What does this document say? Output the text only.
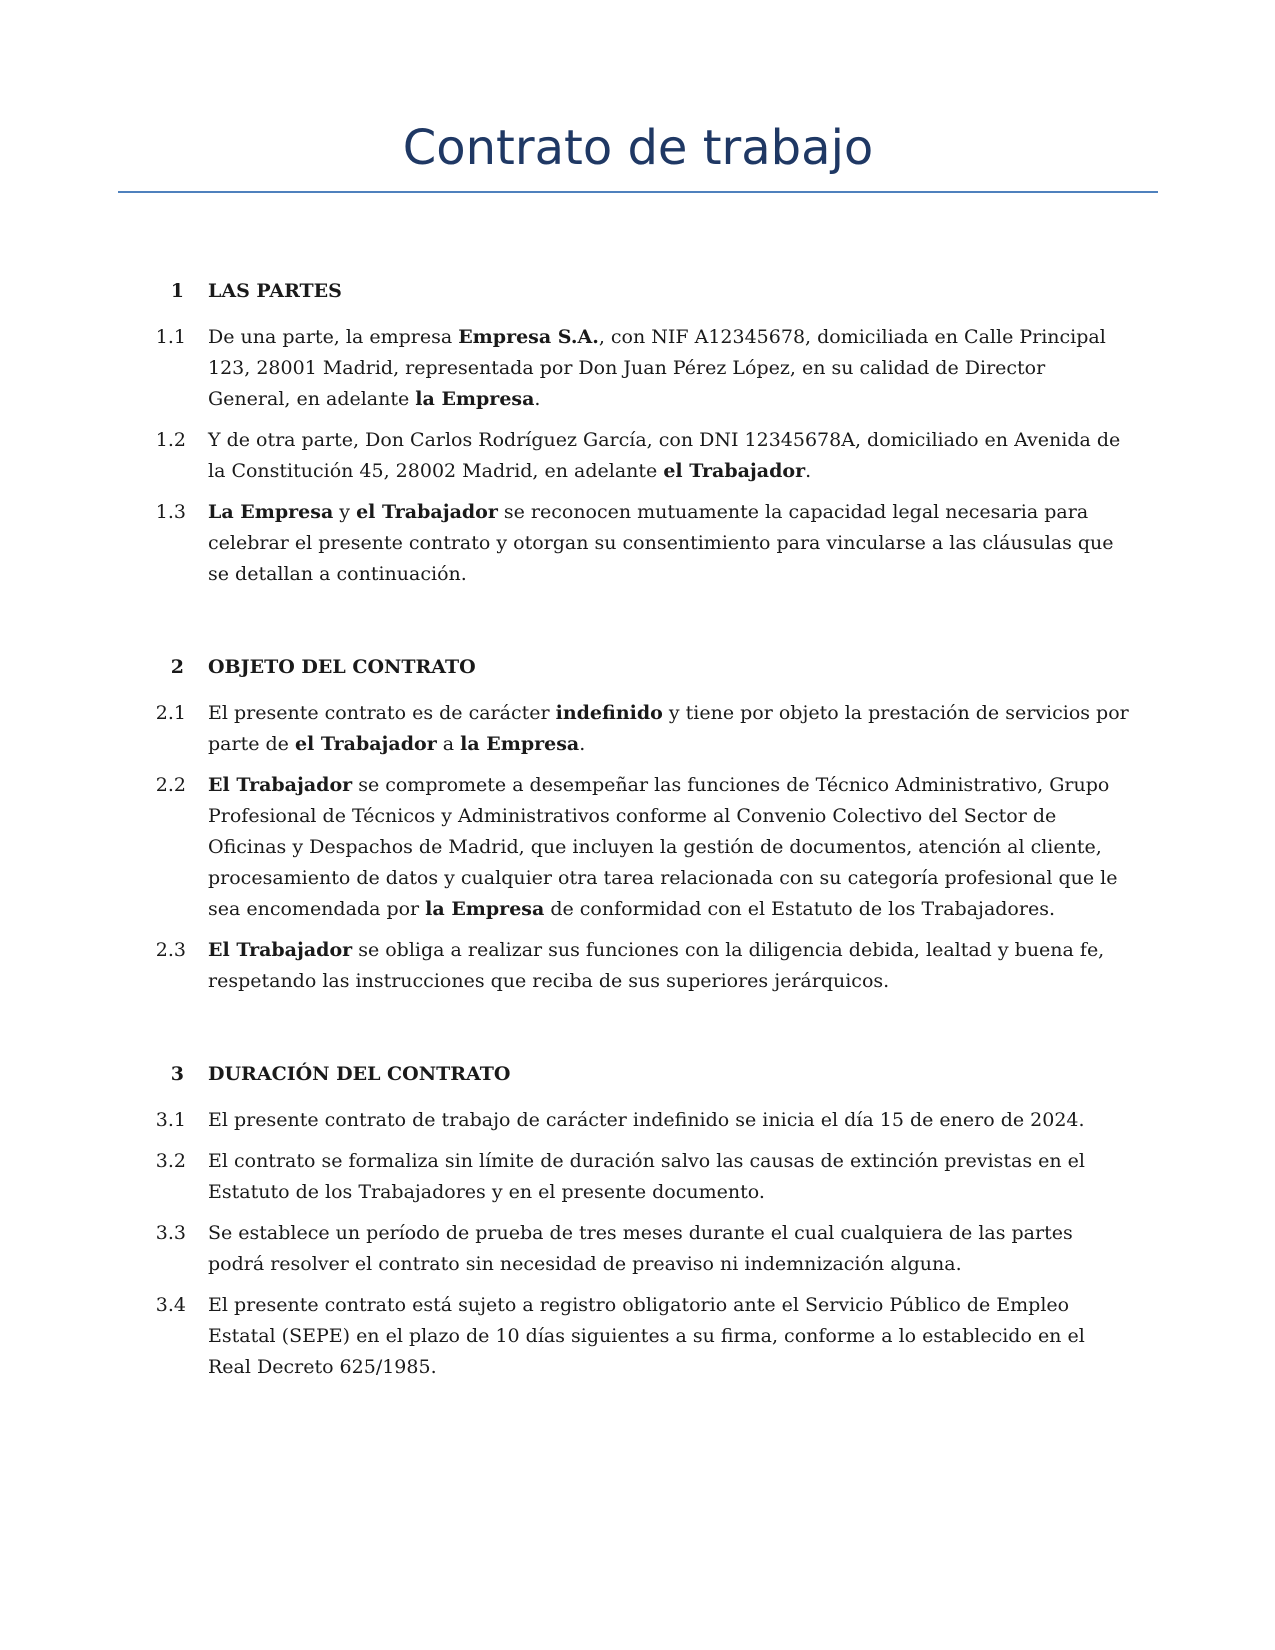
Contrato de trabajo
1 LAS PARTES
1.1 De una parte, la empresa Empresa S.A., con NIF A12345678, domiciliada en Calle Principal 123, 28001 Madrid, representada por Don Juan Pérez López, en su calidad de Director General, en adelante la Empresa.
1.2 Y de otra parte, Don Carlos Rodríguez García, con DNI 12345678A, domiciliado en Avenida de la Constitución 45, 28002 Madrid, en adelante el Trabajador.
1.3 La Empresa y el Trabajador se reconocen mutuamente la capacidad legal necesaria para celebrar el presente contrato y otorgan su consentimiento para vincularse a las cláusulas que se detallan a continuación.
2 OBJETO DEL CONTRATO
2.1 El presente contrato es de carácter indefinido y tiene por objeto la prestación de servicios por parte de el Trabajador a la Empresa.
2.2 El Trabajador se compromete a desempeñar las funciones de Técnico Administrativo, Grupo Profesional de Técnicos y Administrativos conforme al Convenio Colectivo del Sector de Oficinas y Despachos de Madrid, que incluyen la gestión de documentos, atención al cliente, procesamiento de datos y cualquier otra tarea relacionada con su categoría profesional que le sea encomendada por la Empresa de conformidad con el Estatuto de los Trabajadores.
2.3 El Trabajador se obliga a realizar sus funciones con la diligencia debida, lealtad y buena fe, respetando las instrucciones que reciba de sus superiores jerárquicos.
3 DURACIÓN DEL CONTRATO
3.1 El presente contrato de trabajo de carácter indefinido se inicia el día 15 de enero de 2024.
3.2 El contrato se formaliza sin límite de duración salvo las causas de extinción previstas en el Estatuto de los Trabajadores y en el presente documento.
3.3 Se establece un período de prueba de tres meses durante el cual cualquiera de las partes podrá resolver el contrato sin necesidad de preaviso ni indemnización alguna.
3.4 El presente contrato está sujeto a registro obligatorio ante el Servicio Público de Empleo Estatal (SEPE) en el plazo de 10 días siguientes a su firma, conforme a lo establecido en el Real Decreto 625/1985.
